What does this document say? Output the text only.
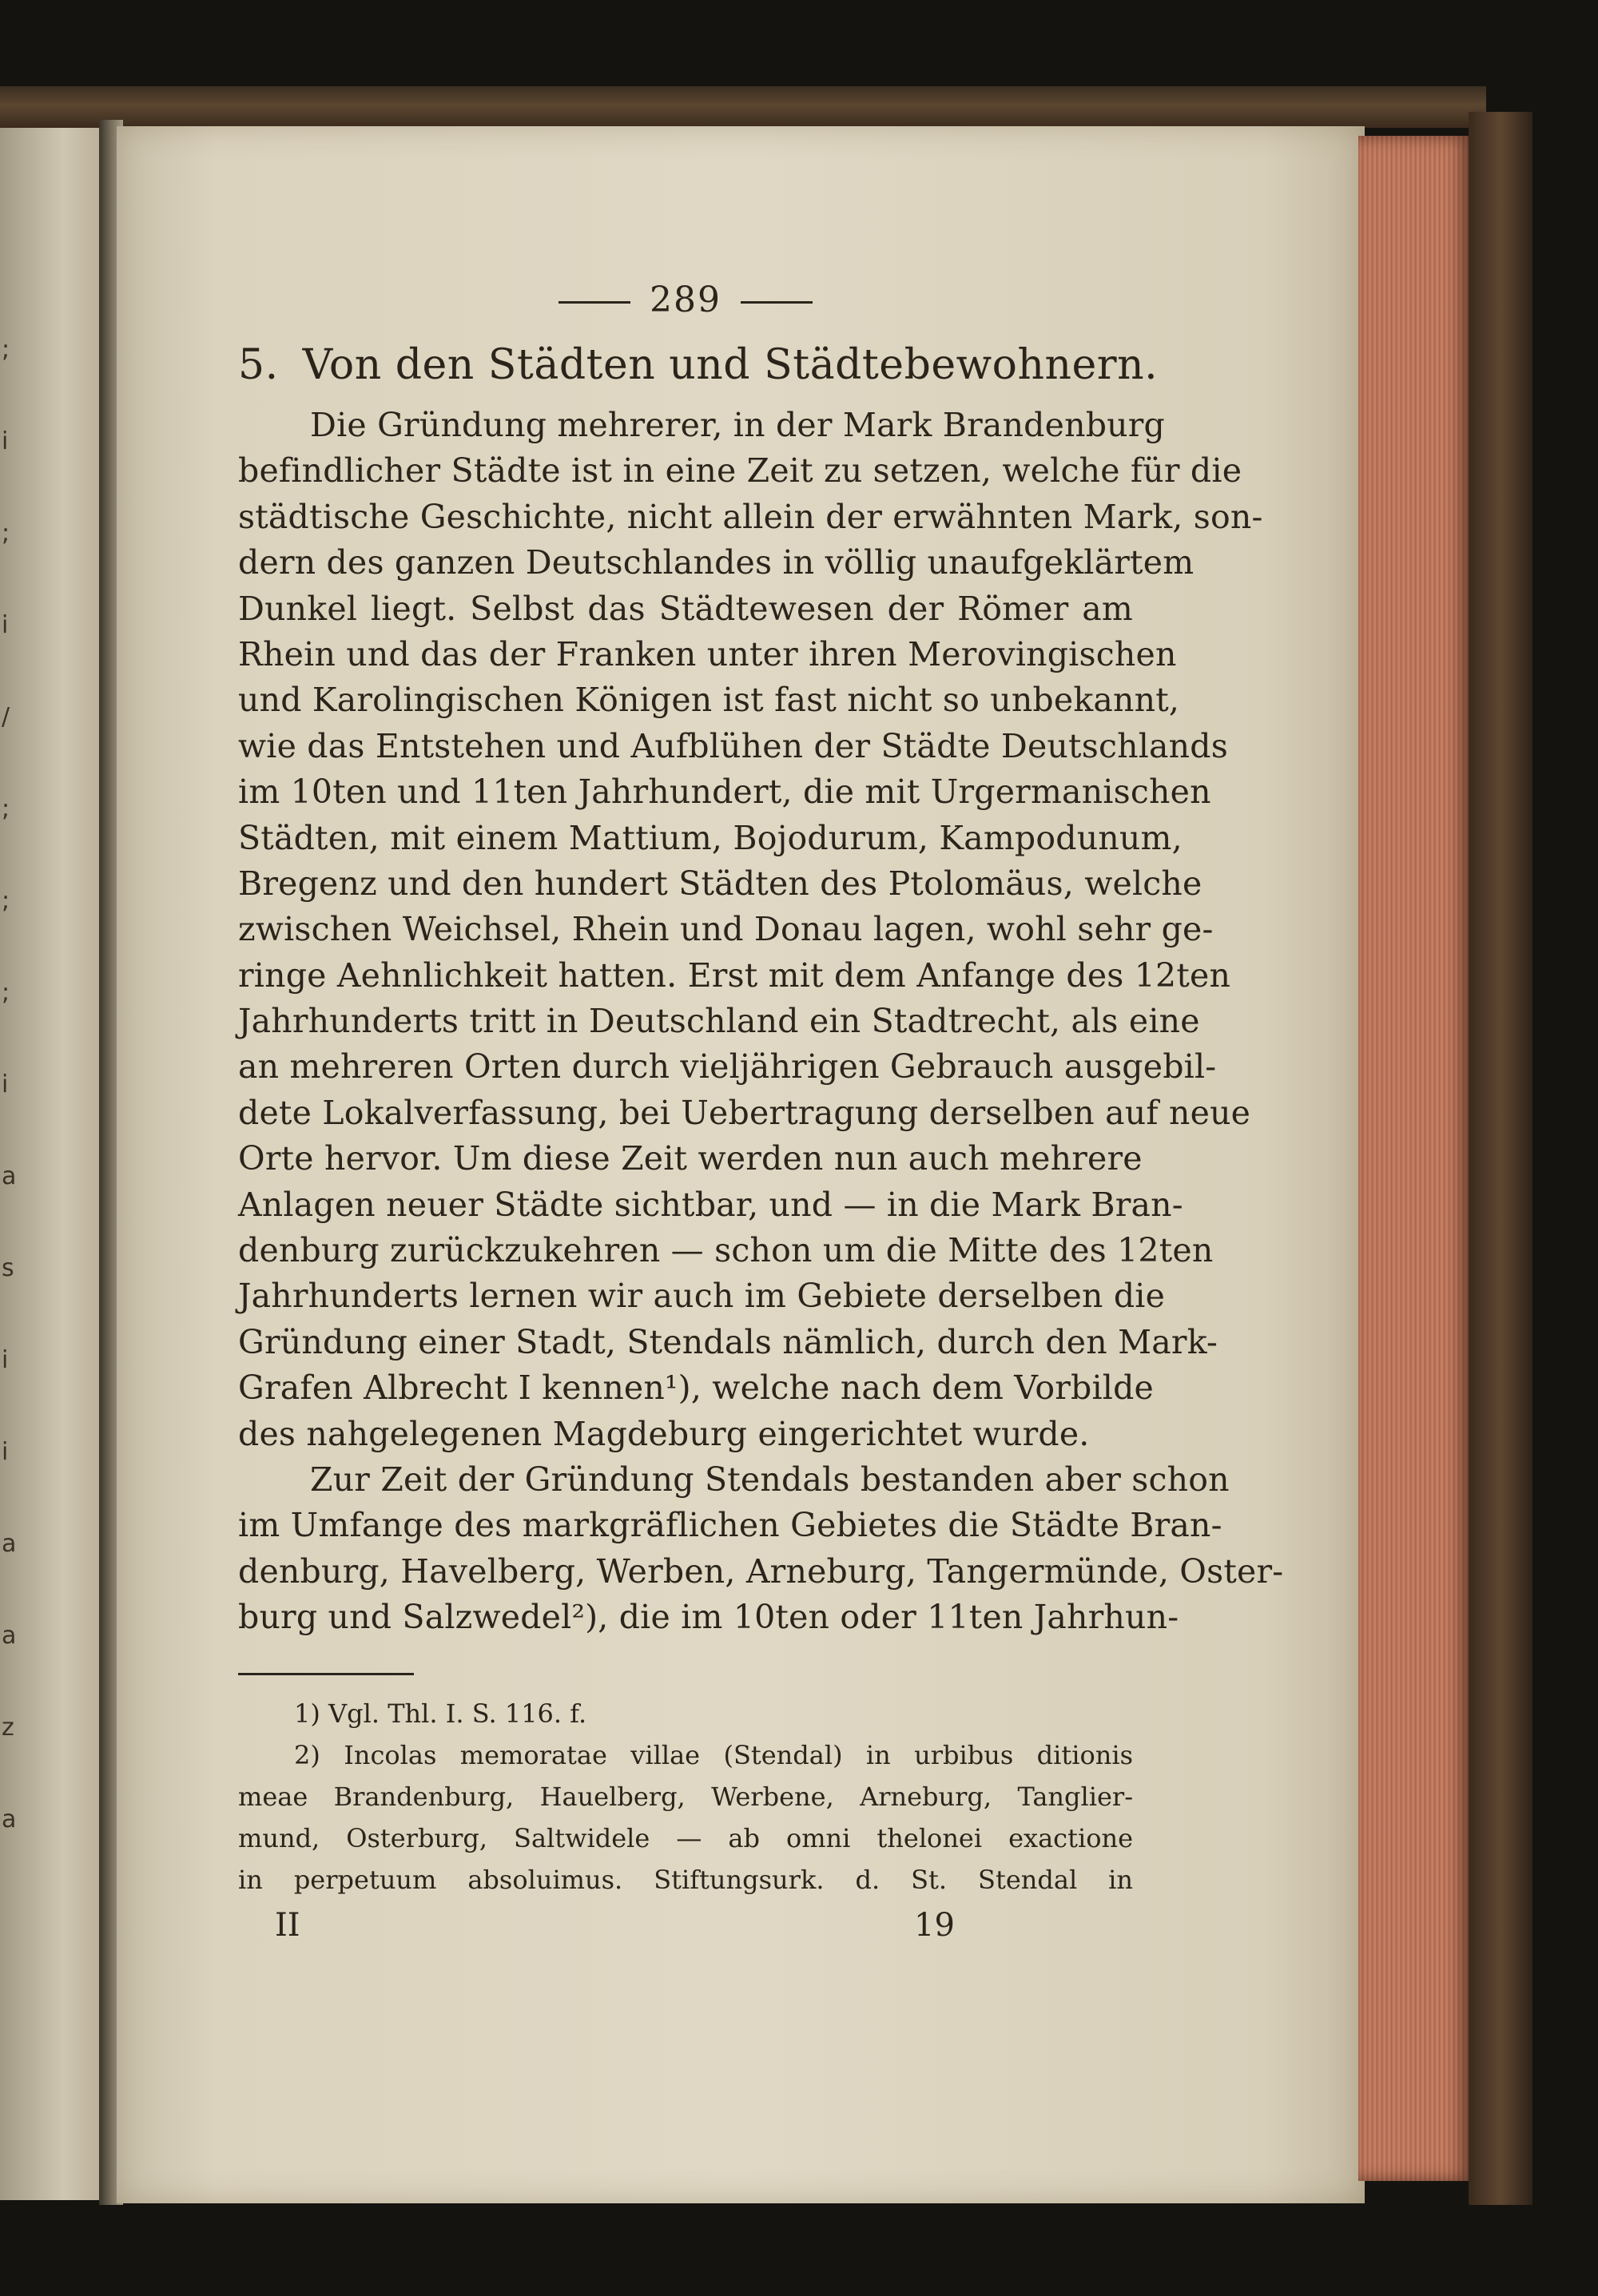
;
i
;
i
/
;
;
;
i
a
s
i
i
a
a
z
a
289
5. Von den Städten und Städtebewohnern.
Die Gründung mehrerer, in der Mark Brandenburg
befindlicher Städte ist in eine Zeit zu setzen, welche für die
städtische Geschichte, nicht allein der erwähnten Mark, son-
dern des ganzen Deutschlandes in völlig unaufgeklärtem
Dunkel liegt. Selbst das Städtewesen der Römer am
Rhein und das der Franken unter ihren Merovingischen
und Karolingischen Königen ist fast nicht so unbekannt,
wie das Entstehen und Aufblühen der Städte Deutschlands
im 10ten und 11ten Jahrhundert, die mit Urgermanischen
Städten, mit einem Mattium, Bojodurum, Kampodunum,
Bregenz und den hundert Städten des Ptolomäus, welche
zwischen Weichsel, Rhein und Donau lagen, wohl sehr ge-
ringe Aehnlichkeit hatten. Erst mit dem Anfange des 12ten
Jahrhunderts tritt in Deutschland ein Stadtrecht, als eine
an mehreren Orten durch vieljährigen Gebrauch ausgebil-
dete Lokalverfassung, bei Uebertragung derselben auf neue
Orte hervor. Um diese Zeit werden nun auch mehrere
Anlagen neuer Städte sichtbar, und — in die Mark Bran-
denburg zurückzukehren — schon um die Mitte des 12ten
Jahrhunderts lernen wir auch im Gebiete derselben die
Gründung einer Stadt, Stendals nämlich, durch den Mark-
Grafen Albrecht I kennen¹), welche nach dem Vorbilde
des nahgelegenen Magdeburg eingerichtet wurde.
Zur Zeit der Gründung Stendals bestanden aber schon
im Umfange des markgräflichen Gebietes die Städte Bran-
denburg, Havelberg, Werben, Arneburg, Tangermünde, Oster-
burg und Salzwedel²), die im 10ten oder 11ten Jahrhun-
1) Vgl. Thl. I. S. 116. f.
2) Incolas memoratae villae (Stendal) in urbibus ditionis
meae Brandenburg, Hauelberg, Werbene, Arneburg, Tanglier-
mund, Osterburg, Saltwidele — ab omni thelonei exactione
in perpetuum absoluimus. Stiftungsurk. d. St. Stendal in
II	19
